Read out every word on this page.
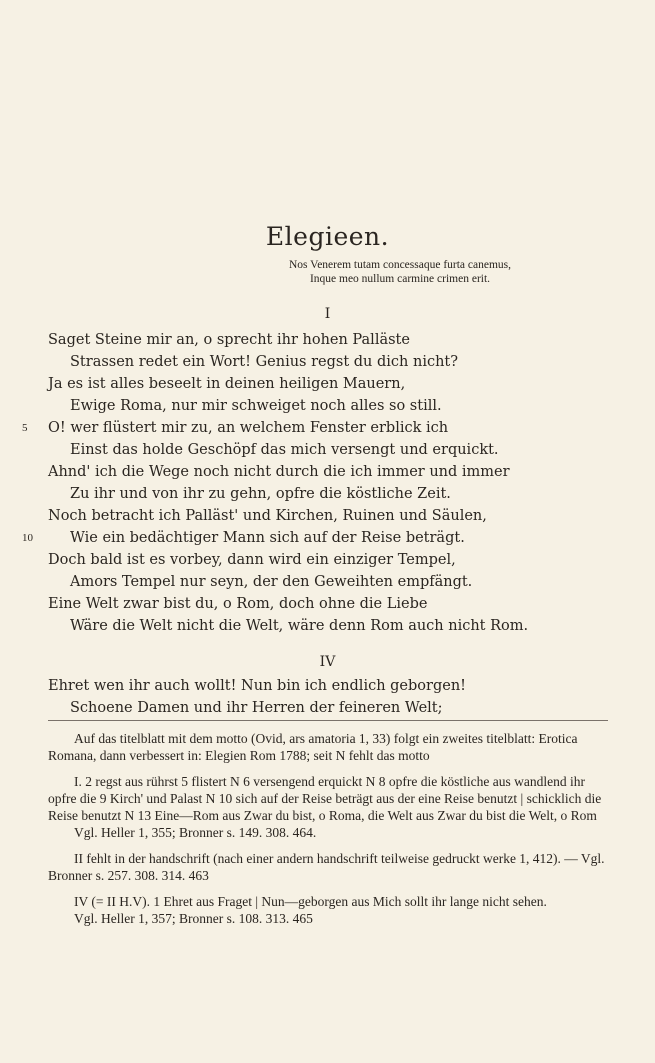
Elegieen.
Nos Venerem tutam concessaque furta canemus,
Inque meo nullum carmine crimen erit.
I
Saget Steine mir an, o sprecht ihr hohen Palläste
Strassen redet ein Wort! Genius regst du dich nicht?
Ja es ist alles beseelt in deinen heiligen Mauern,
Ewige Roma, nur mir schweiget noch alles so still.
5 O! wer flüstert mir zu, an welchem Fenster erblick ich
Einst das holde Geschöpf das mich versengt und erquickt.
Ahnd' ich die Wege noch nicht durch die ich immer und immer
Zu ihr und von ihr zu gehn, opfre die köstliche Zeit.
Noch betracht ich Palläst' und Kirchen, Ruinen und Säulen,
10	Wie ein bedächtiger Mann sich auf der Reise beträgt.
Doch bald ist es vorbey, dann wird ein einziger Tempel,
Amors Tempel nur seyn, der den Geweihten empfängt.
Eine Welt zwar bist du, o Rom, doch ohne die Liebe
Wäre die Welt nicht die Welt, wäre denn Rom auch nicht Rom.
IV
Ehret wen ihr auch wollt! Nun bin ich endlich geborgen!
Schoene Damen und ihr Herren der feineren Welt;

Auf das titelblatt mit dem motto (Ovid, ars amatoria 1, 33) folgt ein zweites titelblatt: Erotica Romana, dann verbessert in: Elegien Rom 1788; seit N fehlt das motto

I. 2 regst aus rührst 5 flistert N 6 versengend erquickt N 8 opfre die köstliche aus wandlend ihr opfre die 9 Kirch' und Palast N 10 sich auf der Reise beträgt aus der eine Reise benutzt | schicklich die Reise benutzt N 13 Eine—Rom aus Zwar du bist, o Roma, die Welt aus Zwar du bist die Welt, o Rom

Vgl. Heller 1, 355; Bronner s. 149. 308. 464.

II fehlt in der handschrift (nach einer andern handschrift teilweise gedruckt werke 1, 412). — Vgl. Bronner s. 257. 308. 314. 463

IV (= II H.V). 1 Ehret aus Fraget | Nun—geborgen aus Mich sollt ihr lange nicht sehen.

Vgl. Heller 1, 357; Bronner s. 108. 313. 465
